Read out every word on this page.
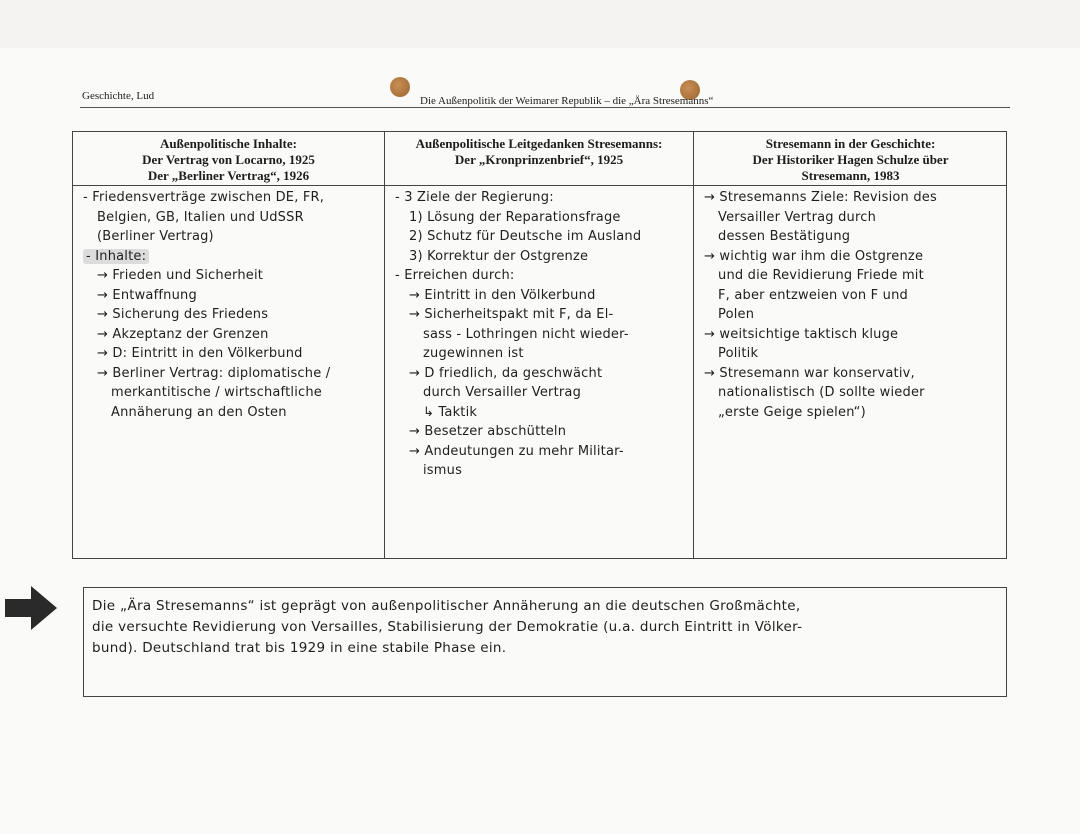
Geschichte, Lud	Die Außenpolitik der Weimarer Republik – die „Ära Stresemanns“
Außenpolitische Inhalte:
Der Vertrag von Locarno, 1925
Der „Berliner Vertrag“, 1926
- Friedensverträge zwischen DE, FR,
Belgien, GB, Italien und UdSSR
(Berliner Vertrag)
- Inhalte:
→ Frieden und Sicherheit
→ Entwaffnung
→ Sicherung des Friedens
→ Akzeptanz der Grenzen
→ D: Eintritt in den Völkerbund
→ Berliner Vertrag: diplomatische /
merkantitische / wirtschaftliche
Annäherung an den Osten
Außenpolitische Leitgedanken Stresemanns:
Der „Kronprinzenbrief“, 1925
- 3 Ziele der Regierung:
1) Lösung der Reparationsfrage
2) Schutz für Deutsche im Ausland
3) Korrektur der Ostgrenze
- Erreichen durch:
→ Eintritt in den Völkerbund
→ Sicherheitspakt mit F, da El-
sass - Lothringen nicht wieder-
zugewinnen ist
→ D friedlich, da geschwächt
durch Versailler Vertrag
↳ Taktik
→ Besetzer abschütteln
→ Andeutungen zu mehr Militar-
ismus
Stresemann in der Geschichte:
Der Historiker Hagen Schulze über
Stresemann, 1983
→ Stresemanns Ziele: Revision des
Versailler Vertrag durch
dessen Bestätigung
→ wichtig war ihm die Ostgrenze
und die Revidierung Friede mit
F, aber entzweien von F und
Polen
→ weitsichtige taktisch kluge
Politik
→ Stresemann war konservativ,
nationalistisch (D sollte wieder
„erste Geige spielen“)
Die „Ära Stresemanns“ ist geprägt von außenpolitischer Annäherung an die deutschen Großmächte,
die versuchte Revidierung von Versailles, Stabilisierung der Demokratie (u.a. durch Eintritt in Völker-
bund). Deutschland trat bis 1929 in eine stabile Phase ein.
